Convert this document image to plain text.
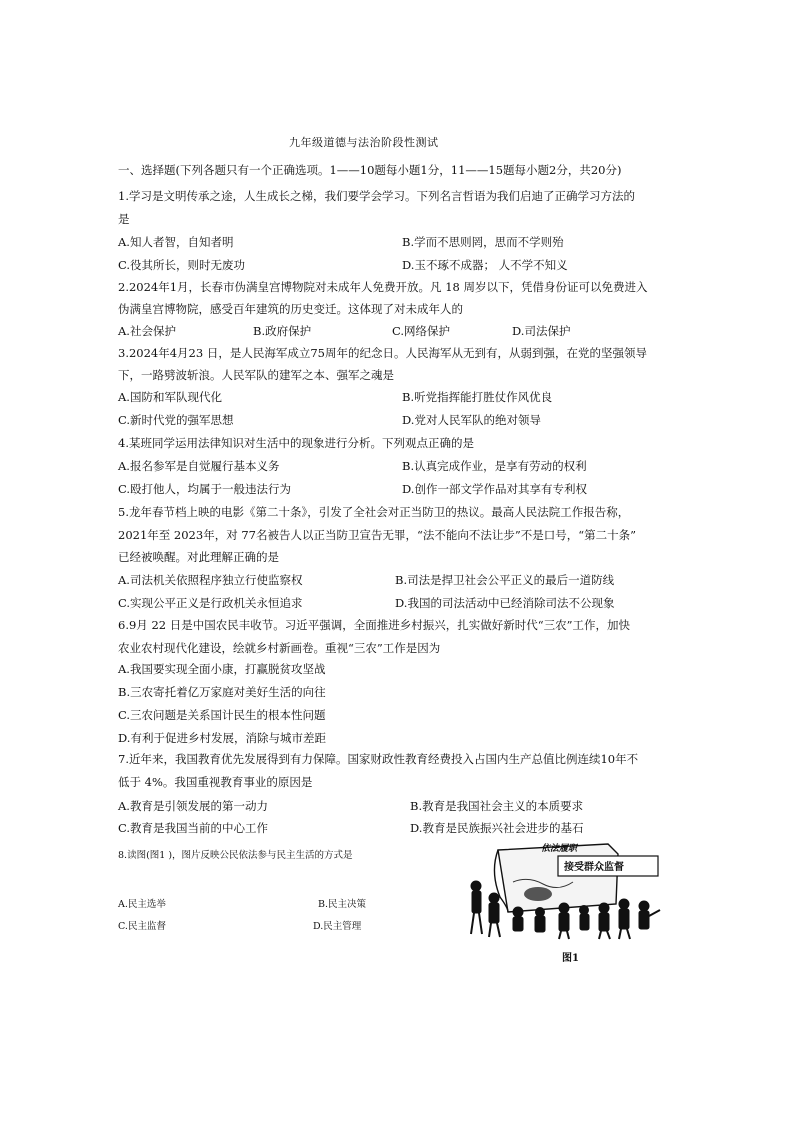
九年级道德与法治阶段性测试
一、选择题(下列各题只有一个正确选项。1——10题每小题1分，11——15题每小题2分，共20分)
1.学习是文明传承之途，人生成长之梯，我们要学会学习。下列名言哲语为我们启迪了正确学习方法的
是
A.知人者智，自知者明	B.学而不思则罔，思而不学则殆
C.役其所长，则时无废功	D.玉不琢不成器； 人不学不知义
2.2024年1月，长春市伪满皇宫博物院对未成年人免费开放。凡 18 周岁以下，凭借身份证可以免费进入
伪满皇宫博物院，感受百年建筑的历史变迁。这体现了对未成年人的
A.社会保护	B.政府保护	C.网络保护	D.司法保护
3.2024年4月23 日，是人民海军成立75周年的纪念日。人民海军从无到有，从弱到强，在党的坚强领导
下，一路劈波斩浪。人民军队的建军之本、强军之魂是
A.国防和军队现代化	B.听党指挥能打胜仗作风优良
C.新时代党的强军思想	D.党对人民军队的绝对领导
4.某班同学运用法律知识对生活中的现象进行分析。下列观点正确的是
A.报名参军是自觉履行基本义务	B.认真完成作业，是享有劳动的权利
C.殴打他人，均属于一般违法行为	D.创作一部文学作品对其享有专利权
5.龙年春节档上映的电影《第二十条》，引发了全社会对正当防卫的热议。最高人民法院工作报告称，
2021年至 2023年，对 77名被告人以正当防卫宣告无罪，“法不能向不法让步”不是口号，“第二十条”
已经被唤醒。对此理解正确的是
A.司法机关依照程序独立行使监察权	B.司法是捍卫社会公平正义的最后一道防线
C.实现公平正义是行政机关永恒追求	D.我国的司法活动中已经消除司法不公现象
6.9月 22 日是中国农民丰收节。习近平强调，全面推进乡村振兴，扎实做好新时代“三农”工作，加快
农业农村现代化建设，绘就乡村新画卷。重视“三农”工作是因为
A.我国要实现全面小康，打赢脱贫攻坚战
B.三农寄托着亿万家庭对美好生活的向往
C.三农问题是关系国计民生的根本性问题
D.有利于促进乡村发展，消除与城市差距
7.近年来，我国教育优先发展得到有力保障。国家财政性教育经费投入占国内生产总值比例连续10年不
低于 4%。我国重视教育事业的原因是
A.教育是引领发展的第一动力	B.教育是我国社会主义的本质要求
C.教育是我国当前的中心工作	D.教育是民族振兴社会进步的基石
8.读图(图1 )，图片反映公民依法参与民主生活的方式是
A.民主选举	B.民主决策
C.民主监督	D.民主管理
依法履职
接受群众监督
图1
